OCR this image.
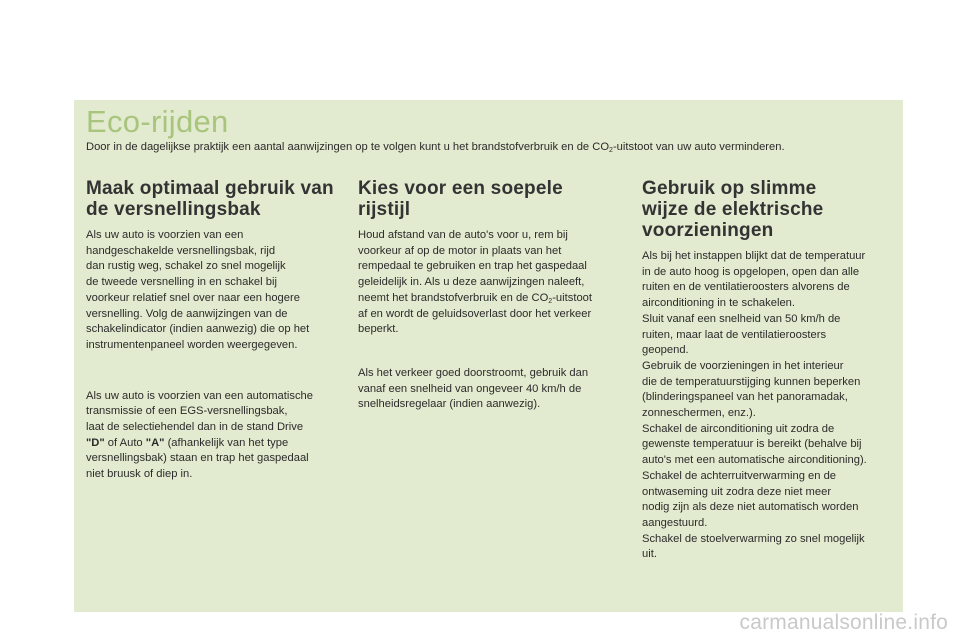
Eco-rijden

Door in de dagelijkse praktijk een aantal aanwijzingen op te volgen kunt u het brandstofverbruik en de $CO_2$-uitstoot van uw auto verminderen.

Maak optimaal gebruik van
de versnellingsbak

Als uw auto is voorzien van een
handgeschakelde versnellingsbak, rijd
dan rustig weg, schakel zo snel mogelijk
de tweede versnelling in en schakel bij
voorkeur relatief snel over naar een hogere
versnelling. Volg de aanwijzingen van de
schakelindicator (indien aanwezig) die op het
instrumentenpaneel worden weergegeven.

Als uw auto is voorzien van een automatische
transmissie of een EGS-versnellingsbak,
laat de selectiehendel dan in de stand Drive
"D" of Auto "A" (afhankelijk van het type
versnellingsbak) staan en trap het gaspedaal
niet bruusk of diep in.

Kies voor een soepele
rijstijl

Houd afstand van de auto's voor u, rem bij
voorkeur af op de motor in plaats van het
rempedaal te gebruiken en trap het gaspedaal
geleidelijk in. Als u deze aanwijzingen naleeft,
neemt het brandstofverbruik en de $CO_2$-uitstoot
af en wordt de geluidsoverlast door het verkeer
beperkt.

Als het verkeer goed doorstroomt, gebruik dan
vanaf een snelheid van ongeveer 40 km/h de
snelheidsregelaar (indien aanwezig).

Gebruik op slimme
wijze de elektrische
voorzieningen

Als bij het instappen blijkt dat de temperatuur
in de auto hoog is opgelopen, open dan alle
ruiten en de ventilatieroosters alvorens de
airconditioning in te schakelen.
Sluit vanaf een snelheid van 50 km/h de
ruiten, maar laat de ventilatieroosters
geopend.
Gebruik de voorzieningen in het interieur
die de temperatuurstijging kunnen beperken
(blinderingspaneel van het panoramadak,
zonneschermen, enz.).
Schakel de airconditioning uit zodra de
gewenste temperatuur is bereikt (behalve bij
auto's met een automatische airconditioning).
Schakel de achterruitverwarming en de
ontwaseming uit zodra deze niet meer
nodig zijn als deze niet automatisch worden
aangestuurd.
Schakel de stoelverwarming zo snel mogelijk
uit.

carmanualsonline.info
